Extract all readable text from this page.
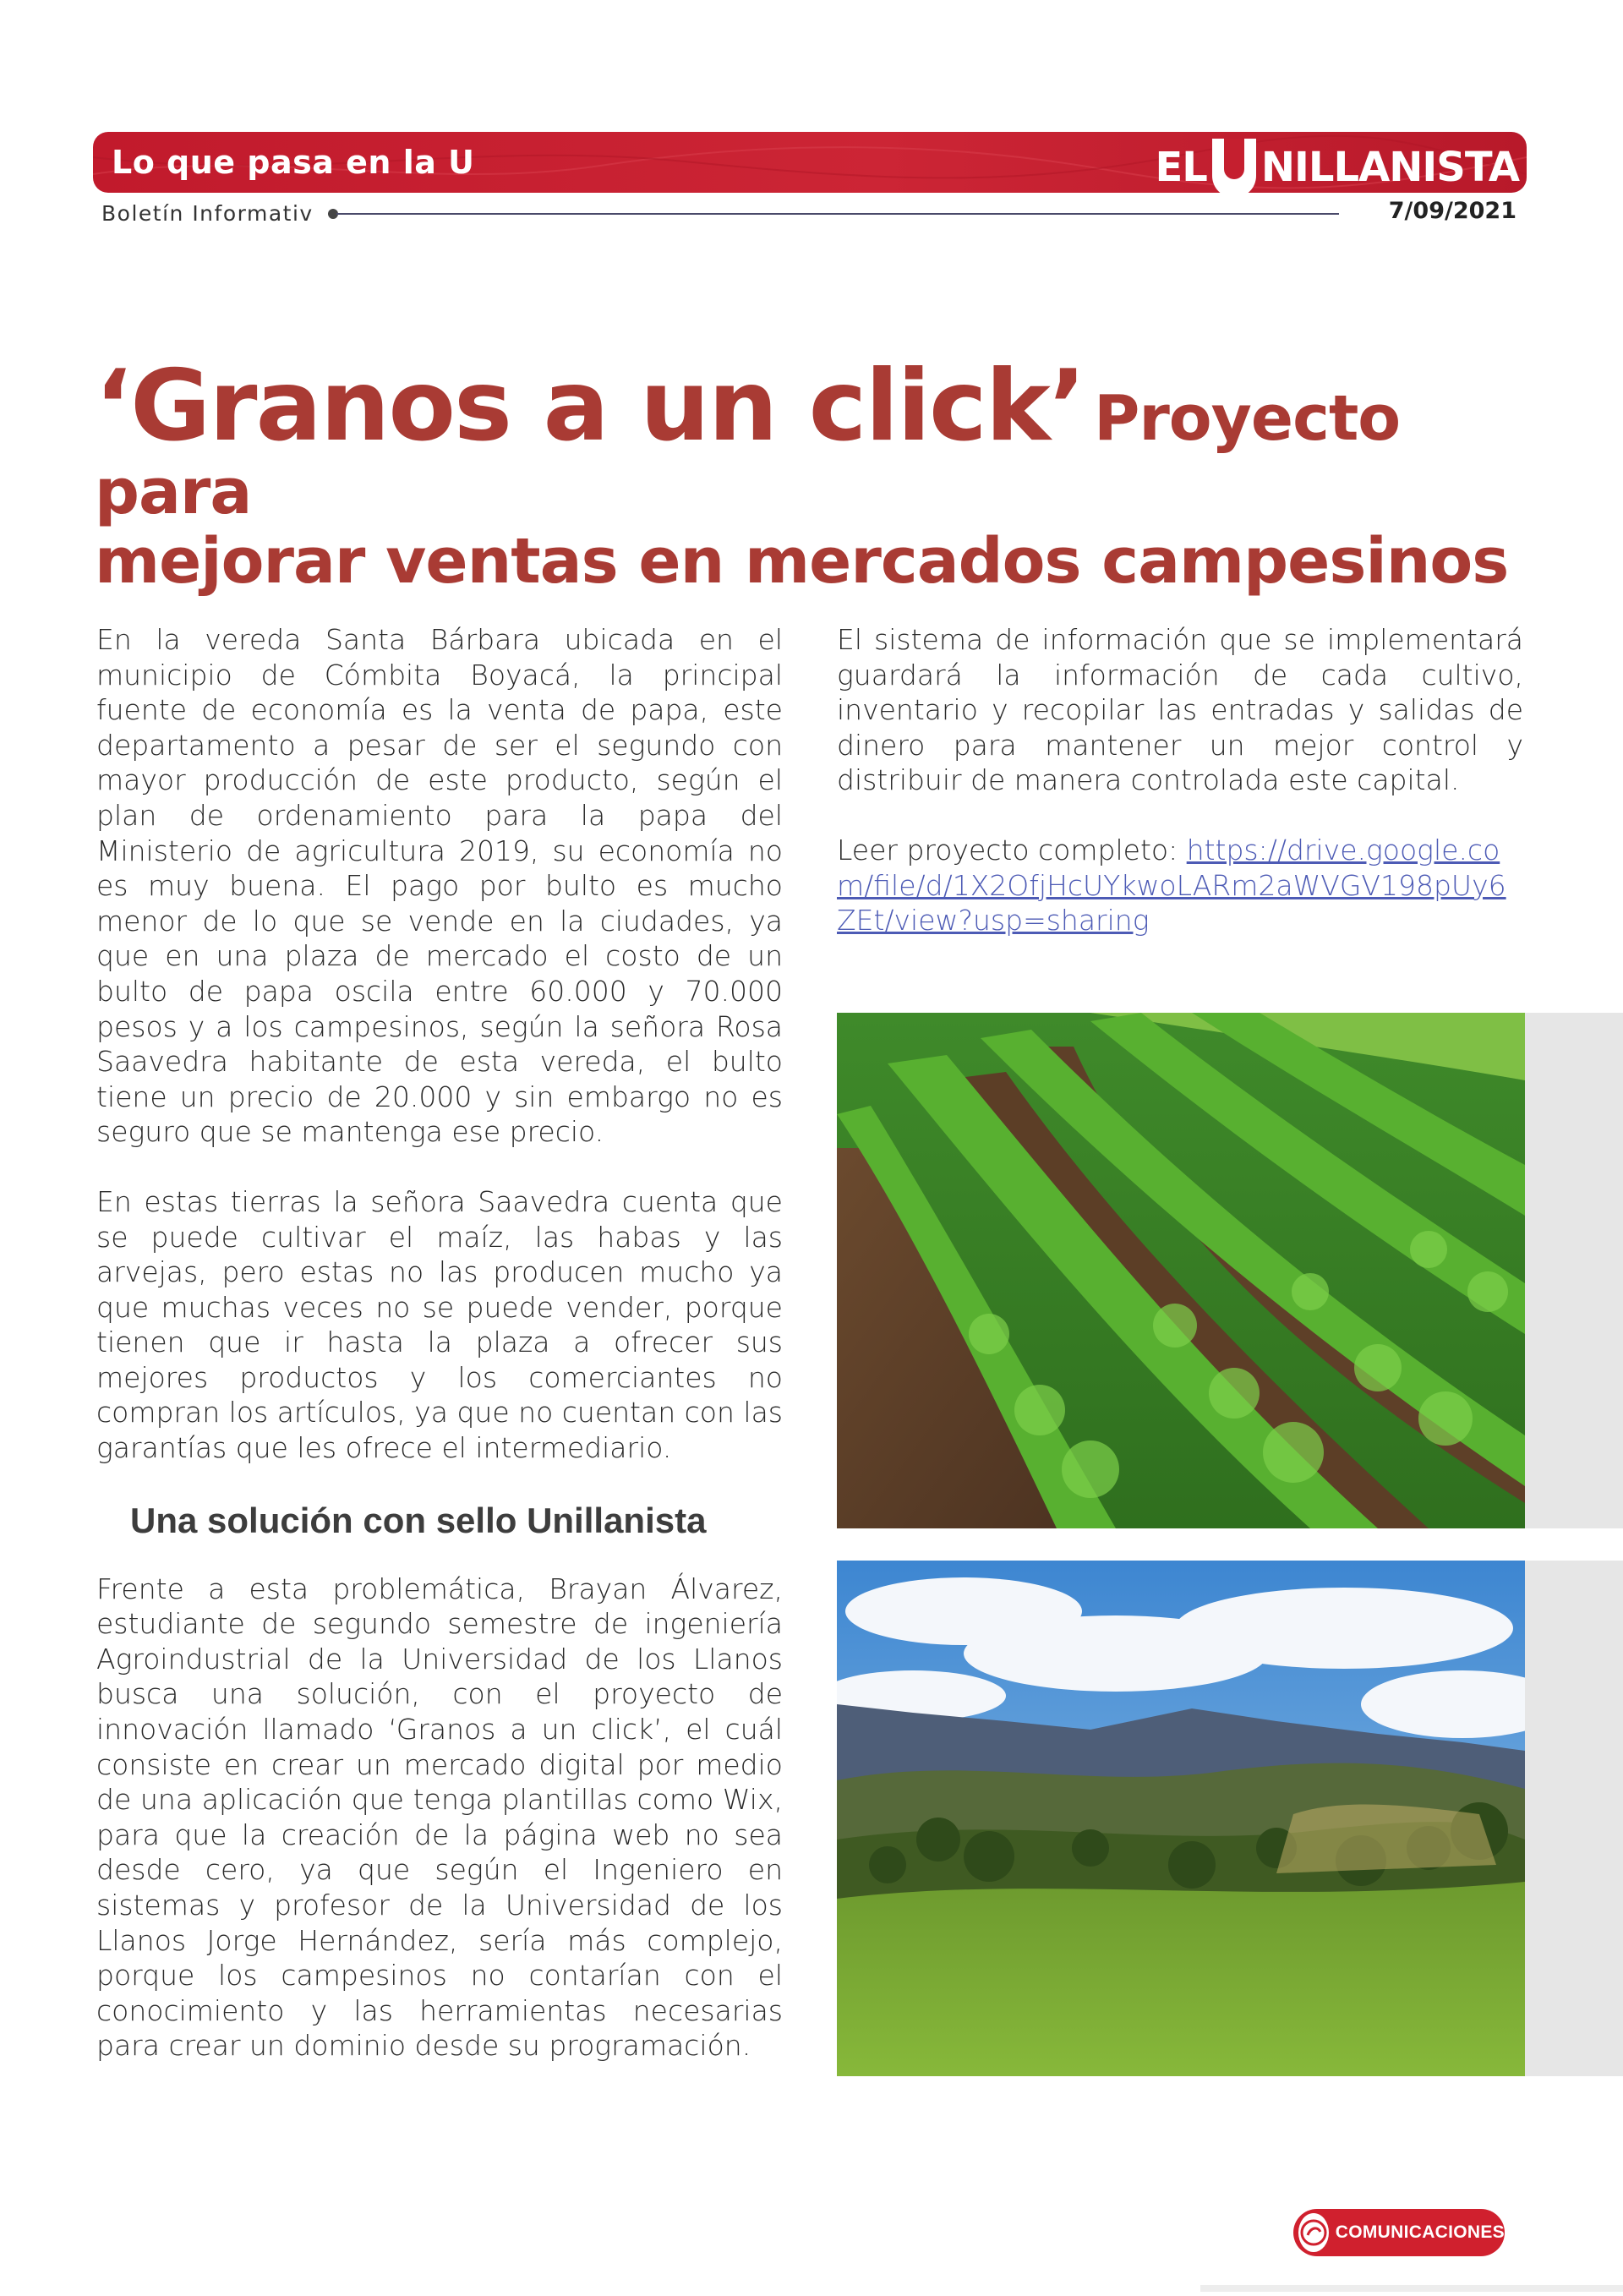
Lo que pasa en la U	EL NILLANISTA
Boletín Informativ	7/09/2021
‘Granos a un click’ Proyecto para
mejorar ventas en mercados campesinos

En la vereda Santa Bárbara ubicada en el municipio de Cómbita Boyacá, la principal fuente de economía es la venta de papa, este departamento a pesar de ser el segundo con mayor producción de este producto, según el plan de ordenamiento para la papa del Ministerio de agricultura 2019, su economía no es muy buena. El pago por bulto es mucho menor de lo que se vende en la ciudades, ya que en una plaza de mercado el costo de un bulto de papa oscila entre 60.000 y 70.000 pesos y a los campesinos, según la señora Rosa Saavedra habitante de esta vereda, el bulto tiene un precio de 20.000 y sin embargo no es seguro que se mantenga ese precio.

En estas tierras la señora Saavedra cuenta que se puede cultivar el maíz, las habas y las arvejas, pero estas no las producen mucho ya que muchas veces no se puede vender, porque tienen que ir hasta la plaza a ofrecer sus mejores productos y los comerciantes no compran los artículos, ya que no cuentan con las garantías que les ofrece el intermediario.

Una solución con sello Unillanista

Frente a esta problemática, Brayan Álvarez, estudiante de segundo semestre de ingeniería Agroindustrial de la Universidad de los Llanos busca una solución, con el proyecto de innovación llamado ‘Granos a un click’, el cuál consiste en crear un mercado digital por medio de una aplicación que tenga plantillas como Wix, para que la creación de la página web no sea desde cero, ya que según el Ingeniero en sistemas y profesor de la Universidad de los Llanos Jorge Hernández, sería más complejo, porque los campesinos no contarían con el conocimiento y las herramientas necesarias para crear un dominio desde su programación.

El sistema de información que se implementará guardará la información de cada cultivo, inventario y recopilar las entradas y salidas de dinero para mantener un mejor control y distribuir de manera controlada este capital.

Leer proyecto completo: https://drive.google.com/file/d/1X2OfjHcUYkwoLARm2aWVGV198pUy6ZEt/view?usp=sharing

COMUNICACIONES
